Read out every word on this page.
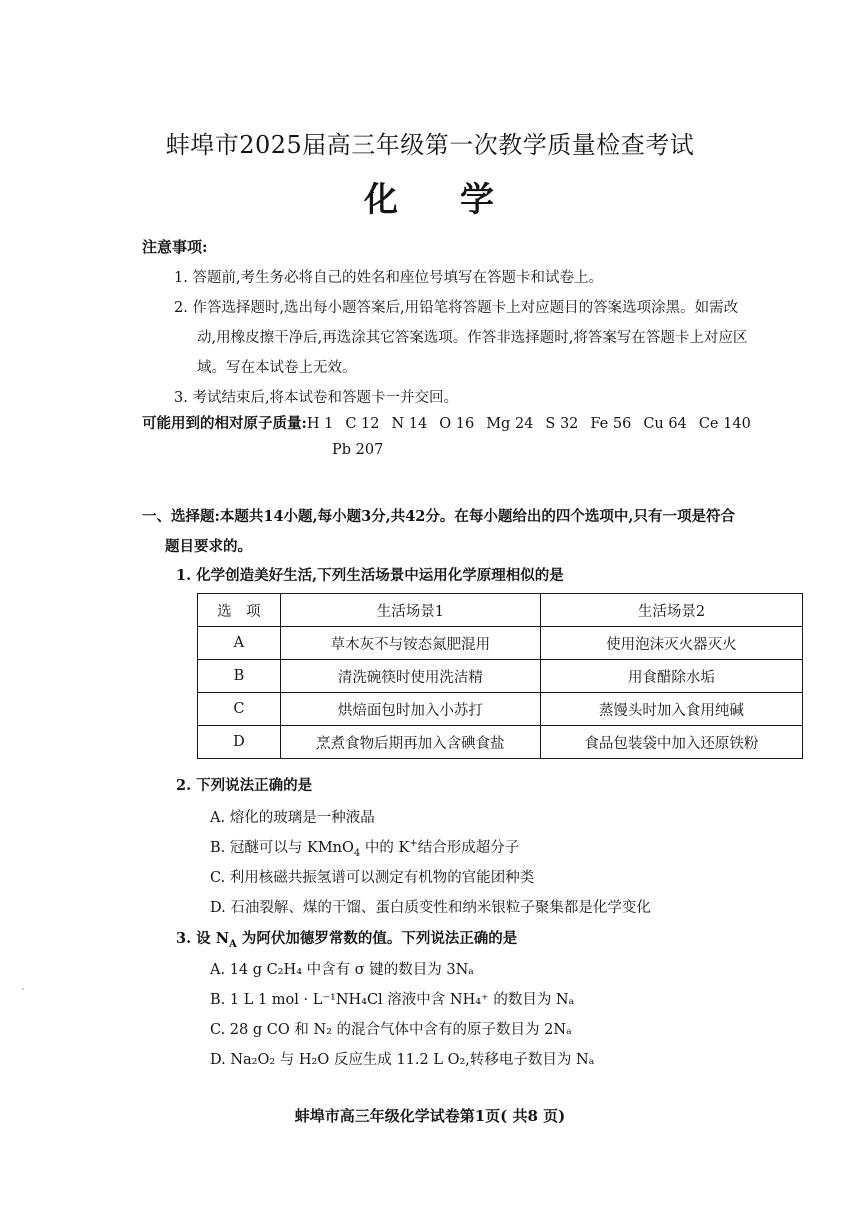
蚌埠市2025届高三年级第一次教学质量检查考试
化 学
注意事项:
1. 答题前,考生务必将自己的姓名和座位号填写在答题卡和试卷上。
2. 作答选择题时,选出每小题答案后,用铅笔将答题卡上对应题目的答案选项涂黑。如需改
动,用橡皮擦干净后,再选涂其它答案选项。作答非选择题时,将答案写在答题卡上对应区
域。写在本试卷上无效。
3. 考试结束后,将本试卷和答题卡一并交回。
可能用到的相对原子质量:H 1 C 12 N 14 O 16 Mg 24 S 32 Fe 56 Cu 64 Ce 140
Pb 207
一、选择题:本题共14小题,每小题3分,共42分。在每小题给出的四个选项中,只有一项是符合
题目要求的。
1. 化学创造美好生活,下列生活场景中运用化学原理相似的是
选　项	生活场景1	生活场景2
A	草木灰不与铵态氮肥混用	使用泡沫灭火器灭火
B	清洗碗筷时使用洗洁精	用食醋除水垢
C	烘焙面包时加入小苏打	蒸馒头时加入食用纯碱
D	烹煮食物后期再加入含碘食盐	食品包装袋中加入还原铁粉
2. 下列说法正确的是
A. 熔化的玻璃是一种液晶
B. 冠醚可以与 KMnO$_4$ 中的 K+结合形成超分子
C. 利用核磁共振氢谱可以测定有机物的官能团种类
D. 石油裂解、煤的干馏、蛋白质变性和纳米银粒子聚集都是化学变化
3. 设 $N_A$ 为阿伏加德罗常数的值。下列说法正确的是
A. 14 g C₂H₄ 中含有 σ 键的数目为 3Nₐ
B. 1 L 1 mol · L⁻¹NH₄Cl 溶液中含 NH₄⁺ 的数目为 Nₐ
C. 28 g CO 和 N₂ 的混合气体中含有的原子数目为 2Nₐ
D. Na₂O₂ 与 H₂O 反应生成 11.2 L O₂,转移电子数目为 Nₐ
蚌埠市高三年级化学试卷第1页( 共8 页)
